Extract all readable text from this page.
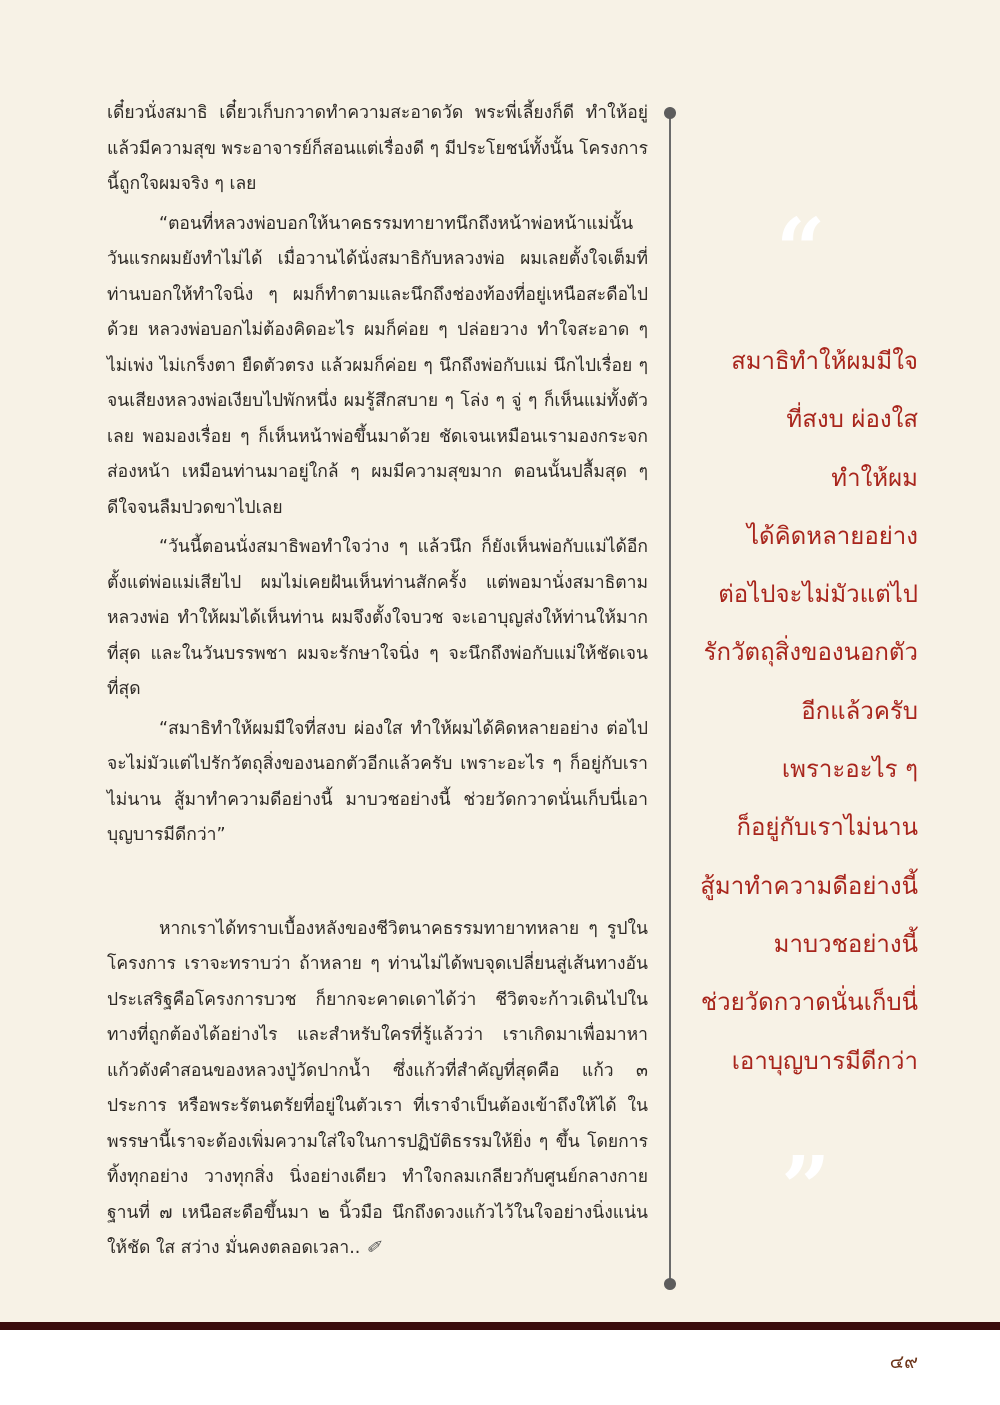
เดี๋ยวนั่งสมาธิ เดี๋ยวเก็บกวาดทำความสะอาดวัด พระพี่เลี้ยงก็ดี ทำให้อยู่แล้วมีความสุข พระอาจารย์ก็สอนแต่เรื่องดี ๆ มีประโยชน์ทั้งนั้น โครงการนี้ถูกใจผมจริง ๆ เลย

“ตอนที่หลวงพ่อบอกให้นาคธรรมทายาทนึกถึงหน้าพ่อหน้าแม่นั้น วันแรกผมยังทำไม่ได้ เมื่อวานได้นั่งสมาธิกับหลวงพ่อ ผมเลยตั้งใจเต็มที่ ท่านบอกให้ทำใจนิ่ง ๆ ผมก็ทำตามและนึกถึงช่องท้องที่อยู่เหนือสะดือไปด้วย หลวงพ่อบอกไม่ต้องคิดอะไร ผมก็ค่อย ๆ ปล่อยวาง ทำใจสะอาด ๆ ไม่เพ่ง ไม่เกร็งตา ยืดตัวตรง แล้วผมก็ค่อย ๆ นึกถึงพ่อกับแม่ นึกไปเรื่อย ๆ จนเสียงหลวงพ่อเงียบไปพักหนึ่ง ผมรู้สึกสบาย ๆ โล่ง ๆ จู่ ๆ ก็เห็นแม่ทั้งตัวเลย พอมองเรื่อย ๆ ก็เห็นหน้าพ่อขึ้นมาด้วย ชัดเจนเหมือนเรามองกระจกส่องหน้า เหมือนท่านมาอยู่ใกล้ ๆ ผมมีความสุขมาก ตอนนั้นปลื้มสุด ๆ ดีใจจนลืมปวดขาไปเลย

“วันนี้ตอนนั่งสมาธิพอทำใจว่าง ๆ แล้วนึก ก็ยังเห็นพ่อกับแม่ได้อีก ตั้งแต่พ่อแม่เสียไป ผมไม่เคยฝันเห็นท่านสักครั้ง แต่พอมานั่งสมาธิตามหลวงพ่อ ทำให้ผมได้เห็นท่าน ผมจึงตั้งใจบวช จะเอาบุญส่งให้ท่านให้มากที่สุด และในวันบรรพชา ผมจะรักษาใจนิ่ง ๆ จะนึกถึงพ่อกับแม่ให้ชัดเจนที่สุด

“สมาธิทำให้ผมมีใจที่สงบ ผ่องใส ทำให้ผมได้คิดหลายอย่าง ต่อไปจะไม่มัวแต่ไปรักวัตถุสิ่งของนอกตัวอีกแล้วครับ เพราะอะไร ๆ ก็อยู่กับเราไม่นาน สู้มาทำความดีอย่างนี้ มาบวชอย่างนี้ ช่วยวัดกวาดนั่นเก็บนี่เอาบุญบารมีดีกว่า”

หากเราได้ทราบเบื้องหลังของชีวิตนาคธรรมทายาทหลาย ๆ รูปในโครงการ เราจะทราบว่า ถ้าหลาย ๆ ท่านไม่ได้พบจุดเปลี่ยนสู่เส้นทางอันประเสริฐคือโครงการบวช ก็ยากจะคาดเดาได้ว่า ชีวิตจะก้าวเดินไปในทางที่ถูกต้องได้อย่างไร และสำหรับใครที่รู้แล้วว่า เราเกิดมาเพื่อมาหาแก้วดังคำสอนของหลวงปู่วัดปากน้ำ ซึ่งแก้วที่สำคัญที่สุดคือ แก้ว ๓ ประการ หรือพระรัตนตรัยที่อยู่ในตัวเรา ที่เราจำเป็นต้องเข้าถึงให้ได้ ในพรรษานี้เราจะต้องเพิ่มความใส่ใจในการปฏิบัติธรรมให้ยิ่ง ๆ ขึ้น โดยการทิ้งทุกอย่าง วางทุกสิ่ง นิ่งอย่างเดียว ทำใจกลมเกลียวกับศูนย์กลางกายฐานที่ ๗ เหนือสะดือขึ้นมา ๒ นิ้วมือ นึกถึงดวงแก้วไว้ในใจอย่างนิ่งแน่น ให้ชัด ใส สว่าง มั่นคงตลอดเวลา.. ✐

“
สมาธิทำให้ผมมีใจ
ที่สงบ ผ่องใส
ทำให้ผม
ได้คิดหลายอย่าง
ต่อไปจะไม่มัวแต่ไป
รักวัตถุสิ่งของนอกตัว
อีกแล้วครับ
เพราะอะไร ๆ
ก็อยู่กับเราไม่นาน
สู้มาทำความดีอย่างนี้
มาบวชอย่างนี้
ช่วยวัดกวาดนั่นเก็บนี่
เอาบุญบารมีดีกว่า
”
๔๙
